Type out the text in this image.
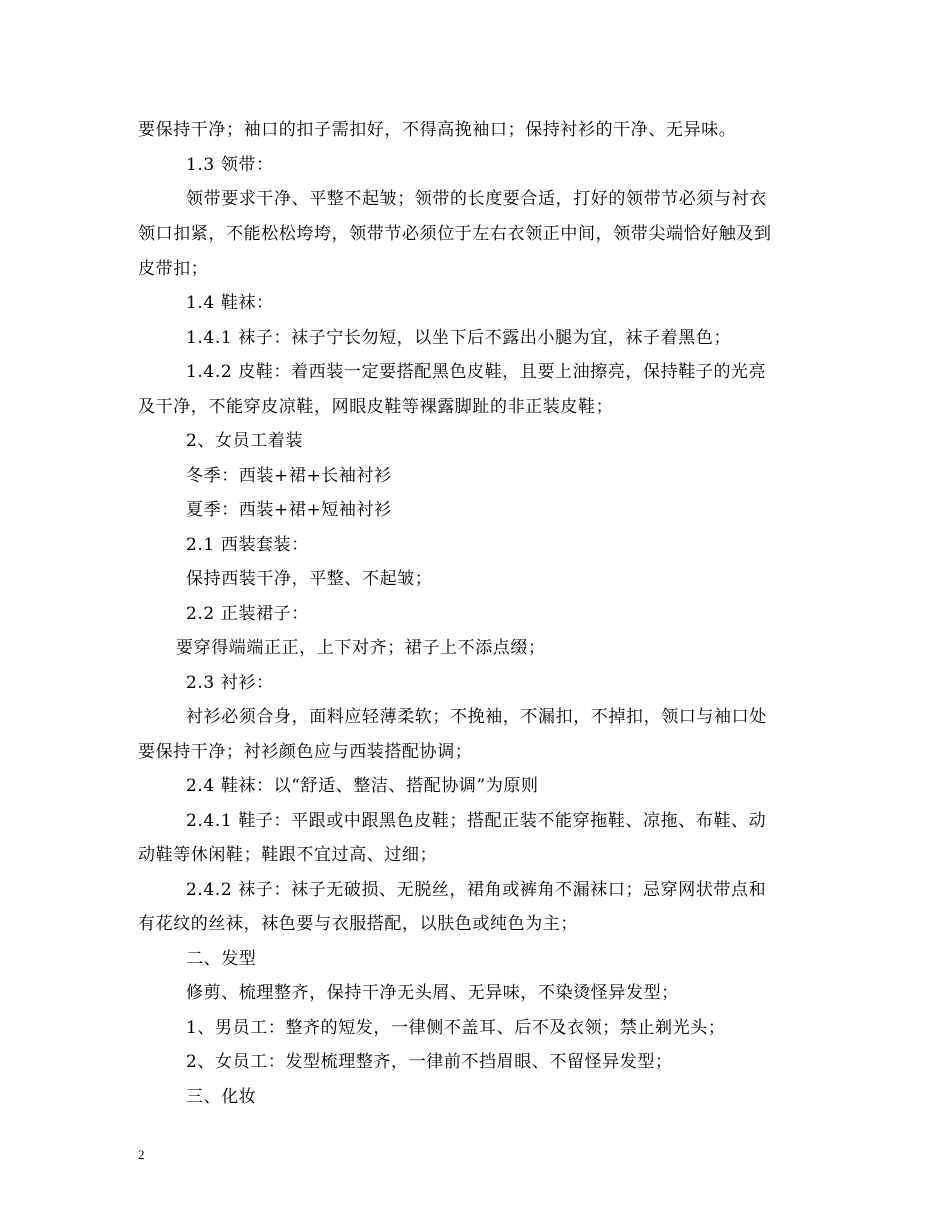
要保持干净；袖口的扣子需扣好，不得高挽袖口；保持衬衫的干净、无异味。
1.3 领带：
领带要求干净、平整不起皱；领带的长度要合适，打好的领带节必须与衬衣
领口扣紧，不能松松垮垮，领带节必须位于左右衣领正中间，领带尖端恰好触及到
皮带扣；
1.4 鞋袜：
1.4.1 袜子：袜子宁长勿短，以坐下后不露出小腿为宜，袜子着黑色；
1.4.2 皮鞋：着西装一定要搭配黑色皮鞋，且要上油擦亮，保持鞋子的光亮
及干净，不能穿皮凉鞋，网眼皮鞋等裸露脚趾的非正装皮鞋；
2、女员工着装
冬季：西装+裙+长袖衬衫
夏季：西装+裙+短袖衬衫
2.1 西装套装：
保持西装干净，平整、不起皱；
2.2 正装裙子：
要穿得端端正正，上下对齐；裙子上不添点缀；
2.3 衬衫：
衬衫必须合身，面料应轻薄柔软；不挽袖，不漏扣，不掉扣，领口与袖口处
要保持干净；衬衫颜色应与西装搭配协调；
2.4 鞋袜：以“舒适、整洁、搭配协调”为原则
2.4.1 鞋子：平跟或中跟黑色皮鞋；搭配正装不能穿拖鞋、凉拖、布鞋、动
动鞋等休闲鞋；鞋跟不宜过高、过细；
2.4.2 袜子：袜子无破损、无脱丝，裙角或裤角不漏袜口；忌穿网状带点和
有花纹的丝袜，袜色要与衣服搭配，以肤色或纯色为主；
二、发型
修剪、梳理整齐，保持干净无头屑、无异味，不染烫怪异发型；
1、男员工：整齐的短发，一律侧不盖耳、后不及衣领；禁止剃光头；
2、女员工：发型梳理整齐，一律前不挡眉眼、不留怪异发型；
三、化妆
2
